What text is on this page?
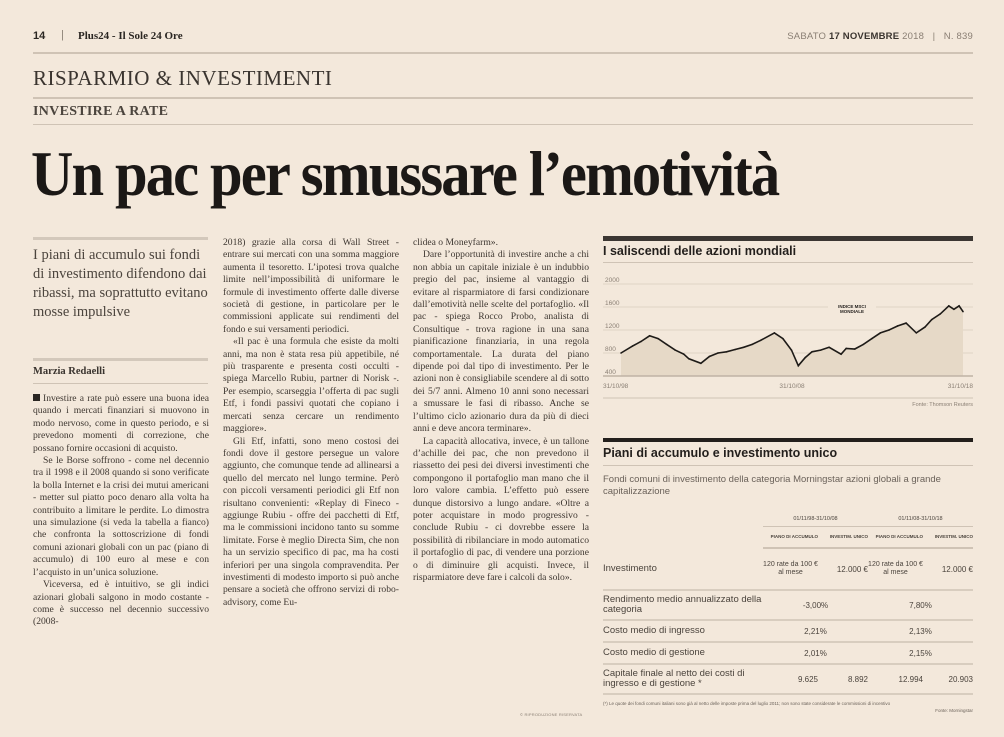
14 | Plus24 - Il Sole 24 Ore	SABATO 17 NOVEMBRE 2018 | N. 839
RISPARMIO & INVESTIMENTI
INVESTIRE A RATE
Un pac per smussare l’emotività
I piani di accumulo sui fondi di investimento difendono dai ribassi, ma soprattutto evitano mosse impulsive
Marzia Redaelli

Investire a rate può essere una buona idea quando i mercati finanziari si muovono in modo nervoso, come in questo periodo, e si prevedono momenti di correzione, che possano fornire occasioni di acquisto.

Se le Borse soffrono - come nel decennio tra il 1998 e il 2008 quando si sono verificate la bolla Internet e la crisi dei mutui americani - metter sul piatto poco denaro alla volta ha contribuito a limitare le perdite. Lo dimostra una simulazione (si veda la tabella a fianco) che confronta la sottoscrizione di fondi comuni azionari globali con un pac (piano di accumulo) di 100 euro al mese e con l’acquisto in un’unica soluzione.

Viceversa, ed è intuitivo, se gli indici azionari globali salgono in modo costante - come è successo nel decennio successivo (2008-

2018) grazie alla corsa di Wall Street - entrare sui mercati con una somma maggiore aumenta il tesoretto. L’ipotesi trova qualche limite nell’impossibilità di uniformare le formule di investimento offerte dalle diverse società di gestione, in particolare per le commissioni applicate sui rendimenti del fondo e sui versamenti periodici.

«Il pac è una formula che esiste da molti anni, ma non è stata resa più appetibile, né più trasparente e presenta costi occulti - spiega Marcello Rubiu, partner di Norisk -. Per esempio, scarseggia l’offerta di pac sugli Etf, i fondi passivi quotati che copiano i mercati senza cercare un rendimento maggiore».

Gli Etf, infatti, sono meno costosi dei fondi dove il gestore persegue un valore aggiunto, che comunque tende ad allinearsi a quello del mercato nel lungo termine. Però con piccoli versamenti periodici gli Etf non risultano convenienti: «Replay di Fineco - aggiunge Rubiu - offre dei pacchetti di Etf, ma le commissioni incidono tanto su somme limitate. Forse è meglio Directa Sim, che non ha un servizio specifico di pac, ma ha costi inferiori per una singola compravendita. Per investimenti di modesto importo si può anche pensare a società che offrono servizi di robo-advisory, come Eu-

clidea o Moneyfarm».

Dare l’opportunità di investire anche a chi non abbia un capitale iniziale è un indubbio pregio del pac, insieme al vantaggio di evitare al risparmiatore di farsi condizionare dall’emotività nelle scelte del portafoglio. «Il pac - spiega Rocco Probo, analista di Consultique - trova ragione in una sana pianificazione finanziaria, in una regola comportamentale. La durata del piano dipende poi dal tipo di investimento. Per le azioni non è consigliabile scendere al di sotto dei 5/7 anni. Almeno 10 anni sono necessari a smussare le fasi di ribasso. Anche se l’ultimo ciclo azionario dura da più di dieci anni e deve ancora terminare».

La capacità allocativa, invece, è un tallone d’achille dei pac, che non prevedono il riassetto dei pesi dei diversi investimenti che compongono il portafoglio man mano che il loro valore cambia. L’effetto può essere dunque distorsivo a lungo andare. «Oltre a poter acquistare in modo progressivo - conclude Rubiu - ci dovrebbe essere la possibilità di ribilanciare in modo automatico il portafoglio di pac, di vendere una porzione o di diminuire gli acquisti. Invece, il risparmiatore deve fare i calcoli da solo».

© RIPRODUZIONE RISERVATA
I saliscendi delle azioni mondiali
2000
1600
1200
800
400
31/10/98	31/10/08	31/10/18
INDICE MSCI
MONDIALE
Fonte: Thomson Reuters
Piani di accumulo e investimento unico
Fondi comuni di investimento della categoria Morningstar azioni globali a grande capitalizzazione
	01/11/98-31/10/08		01/11/08-31/10/18	
	PIANO DI ACCUMULO	INVESTIM. UNICO	PIANO DI ACCUMULO	INVESTIM. UNICO
Investimento	120 rate da 100 € al mese	12.000 €	120 rate da 100 € al mese	12.000 €
Rendimento medio annualizzato della categoria	-3,00%		7,80%	
Costo medio di ingresso	2,21%		2,13%	
Costo medio di gestione	2,01%		2,15%	
Capitale finale al netto dei costi di ingresso e di gestione *	9.625	8.892	12.994	20.903
(*) Le quote dei fondi comuni italiani sono già al netto delle imposte prima del luglio 2011; non sono state considerate le commissioni di incentivo
Fonte: Morningstar
